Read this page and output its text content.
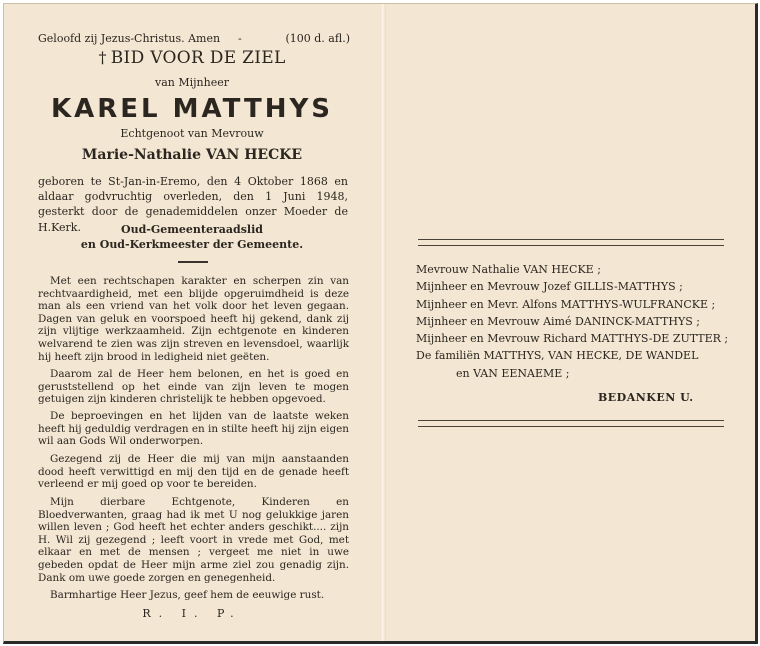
Geloofd zij Jezus-Christus. Amen -	(100 d. afl.)
† BID VOOR DE ZIEL
van Mijnheer
KAREL MATTHYS
Echtgenoot van Mevrouw
Marie-Nathalie VAN HECKE
geboren te St-Jan-in-Eremo, den 4 Oktober 1868 en
aldaar godvruchtig overleden, den 1 Juni 1948,
gesterkt door de genademiddelen onzer Moeder de H.Kerk.	Oud-Gemeenteraadslid
en Oud-Kerkmeester der Gemeente.

Met een rechtschapen karakter en scherpen zin van rechtvaardigheid, met een blijde opgeruimdheid is deze man als een vriend van het volk door het leven gegaan. Dagen van geluk en voorspoed heeft hij gekend, dank zij zijn vlijtige werkzaamheid. Zijn echtgenote en kinderen welvarend te zien was zijn streven en levensdoel, waarlijk hij heeft zijn brood in ledigheid niet geëten.

Daarom zal de Heer hem belonen, en het is goed en geruststellend op het einde van zijn leven te mogen getuigen zijn kinderen christelijk te hebben opgevoed.

De beproevingen en het lijden van de laatste weken heeft hij geduldig verdragen en in stilte heeft hij zijn eigen wil aan Gods Wil onderworpen.

Gezegend zij de Heer die mij van mijn aanstaanden dood heeft verwittigd en mij den tijd en de genade heeft verleend er mij goed op voor te bereiden.

Mijn dierbare Echtgenote, Kinderen en Bloedverwanten, graag had ik met U nog gelukkige jaren willen leven ; God heeft het echter anders geschikt.... zijn H. Wil zij gezegend ; leeft voort in vrede met God, met elkaar en met de mensen ; vergeet me niet in uwe gebeden opdat de Heer mijn arme ziel zou genadig zijn. Dank om uwe goede zorgen en genegenheid.

Barmhartige Heer Jezus, geef hem de eeuwige rust.

R. I. P.
Mevrouw Nathalie VAN HECKE ;
Mijnheer en Mevrouw Jozef GILLIS-MATTHYS ;
Mijnheer en Mevr. Alfons MATTHYS-WULFRANCKE ;
Mijnheer en Mevrouw Aimé DANINCK-MATTHYS ;
Mijnheer en Mevrouw Richard MATTHYS-DE ZUTTER ;
De familiën MATTHYS, VAN HECKE, DE WANDEL
en VAN EENAEME ;
BEDANKEN U.
